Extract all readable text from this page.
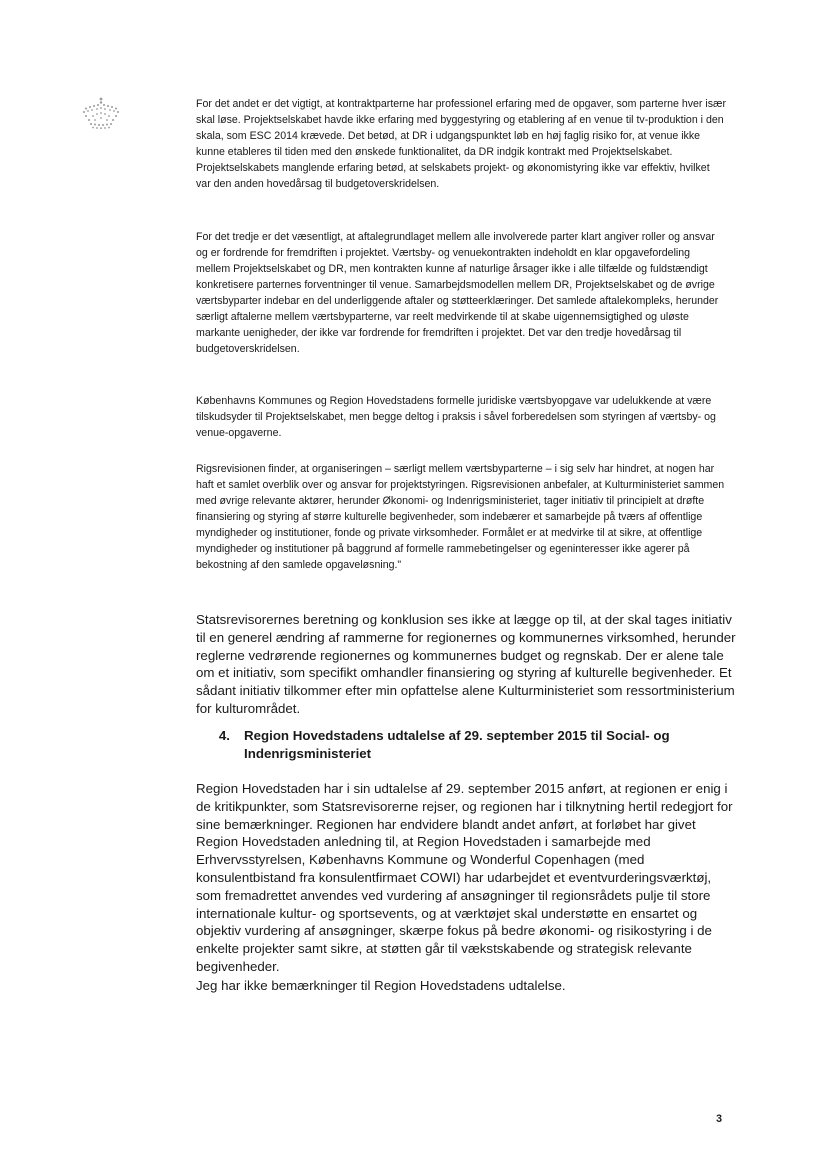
For det andet er det vigtigt, at kontraktparterne har professionel erfaring med de opgaver, som parterne hver især skal løse. Projektselskabet havde ikke erfaring med byggestyring og etablering af en venue til tv-produktion i den skala, som ESC 2014 krævede. Det betød, at DR i udgangspunktet løb en høj faglig risiko for, at venue ikke kunne etableres til tiden med den ønskede funktionalitet, da DR indgik kontrakt med Projektselskabet. Projektselskabets manglende erfaring betød, at selskabets projekt- og økonomistyring ikke var effektiv, hvilket var den anden hovedårsag til budgetoverskridelsen.

For det tredje er det væsentligt, at aftalegrundlaget mellem alle involverede parter klart angiver roller og ansvar og er fordrende for fremdriften i projektet. Værtsby- og venuekontrakten indeholdt en klar opgavefordeling mellem Projektselskabet og DR, men kontrakten kunne af naturlige årsager ikke i alle tilfælde og fuldstændigt konkretisere parternes forventninger til venue. Samarbejdsmodellen mellem DR, Projektselskabet og de øvrige værtsbyparter indebar en del underliggende aftaler og støtteerklæringer. Det samlede aftalekompleks, herunder særligt aftalerne mellem værtsbyparterne, var reelt medvirkende til at skabe uigennemsigtighed og uløste markante uenigheder, der ikke var fordrende for fremdriften i projektet. Det var den tredje hovedårsag til budgetoverskridelsen.

Københavns Kommunes og Region Hovedstadens formelle juridiske værtsbyopgave var udelukkende at være tilskudsyder til Projektselskabet, men begge deltog i praksis i såvel forberedelsen som styringen af værtsby- og venue-opgaverne.

Rigsrevisionen finder, at organiseringen – særligt mellem værtsbyparterne – i sig selv har hindret, at nogen har haft et samlet overblik over og ansvar for projektstyringen. Rigsrevisionen anbefaler, at Kulturministeriet sammen med øvrige relevante aktører, herunder Økonomi- og Indenrigsministeriet, tager initiativ til principielt at drøfte finansiering og styring af større kulturelle begivenheder, som indebærer et samarbejde på tværs af offentlige myndigheder og institutioner, fonde og private virksomheder. Formålet er at medvirke til at sikre, at offentlige myndigheder og institutioner på baggrund af formelle rammebetingelser og egeninteresser ikke agerer på bekostning af den samlede opgaveløsning."

Statsrevisorernes beretning og konklusion ses ikke at lægge op til, at der skal tages initiativ til en generel ændring af rammerne for regionernes og kommunernes virksomhed, herunder reglerne vedrørende regionernes og kommunernes budget og regnskab. Der er alene tale om et initiativ, som specifikt omhandler finansiering og styring af kulturelle begivenheder. Et sådant initiativ tilkommer efter min opfattelse alene Kulturministeriet som ressortministerium for kulturområdet.

4.	Region Hovedstadens udtalelse af 29. september 2015 til Social- og Indenrigsministeriet

Region Hovedstaden har i sin udtalelse af 29. september 2015 anført, at regionen er enig i de kritikpunkter, som Statsrevisorerne rejser, og regionen har i tilknytning hertil redegjort for sine bemærkninger. Regionen har endvidere blandt andet anført, at forløbet har givet Region Hovedstaden anledning til, at Region Hovedstaden i samarbejde med Erhvervsstyrelsen, Københavns Kommune og Wonderful Copenhagen (med konsulentbistand fra konsulentfirmaet COWI) har udarbejdet et eventvurderingsværktøj, som fremadrettet anvendes ved vurdering af ansøgninger til regionsrådets pulje til store internationale kultur- og sportsevents, og at værktøjet skal understøtte en ensartet og objektiv vurdering af ansøgninger, skærpe fokus på bedre økonomi- og risikostyring i de enkelte projekter samt sikre, at støtten går til vækstskabende og strategisk relevante begivenheder.

Jeg har ikke bemærkninger til Region Hovedstadens udtalelse.

3
